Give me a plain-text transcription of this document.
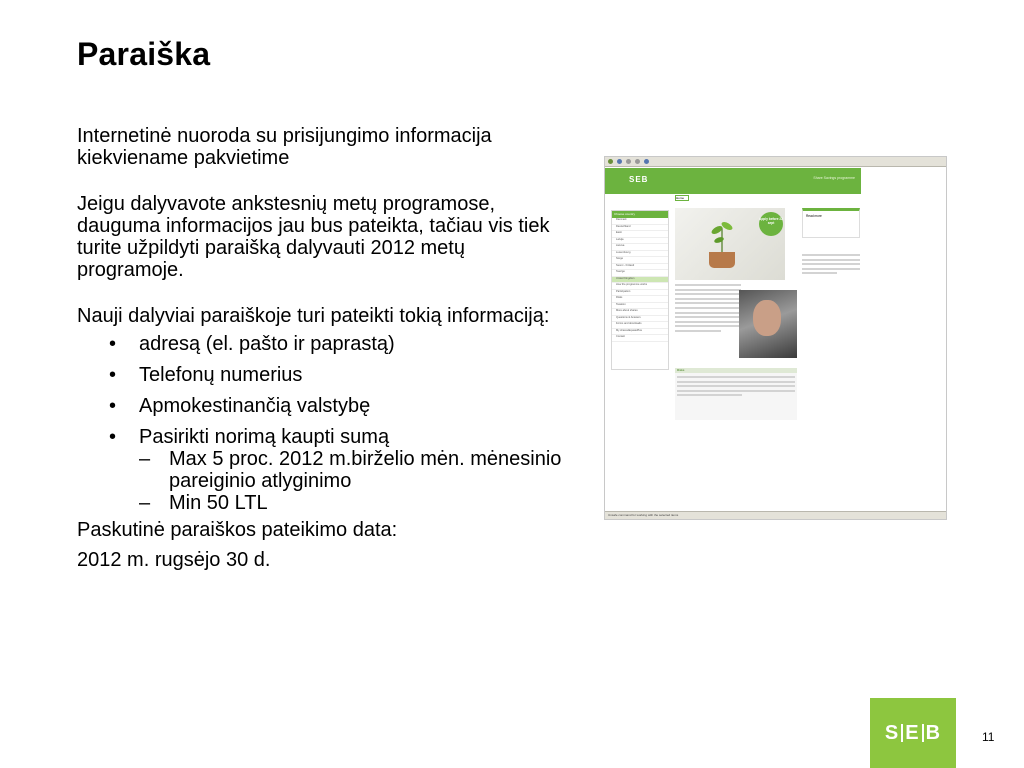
Paraiška

Internetinė nuoroda su prisijungimo informacija kiekviename pakvietime

Jeigu dalyvavote ankstesnių metų programose, dauguma informacijos jau bus pateikta, tačiau vis tiek turite užpildyti paraišką dalyvauti 2012 metų programoje.

Nauji dalyviai paraiškoje turi pateikti tokią informaciją:

• adresą (el. pašto ir paprastą)
• Telefonų numerius
• Apmokestinančią valstybę
• Pasirikti norimą kaupti sumą
– Max 5 proc. 2012 m.birželio mėn. mėnesinio pareiginio atlyginimo
– Min 50 LTL

Paskutinė paraiškos pateikimo data:

2012 m. rugsėjo 30 d.

SEB	Share Savings programme
Home
Choose country
Danmark
Deutschland
Eesti
Latvija
Lietuva
Luxembourg
Norge
Suomi - Finland
Sverige
United Kingdom
How the programme works
Participation
Risks
Taxation
More about shares
Questions & Answers
Forms and downloads
My shares/EquatePlus
Contact
Apply before 22 sept
Read more
Risks
Unsafe command for working with the selected items
S E B	11
